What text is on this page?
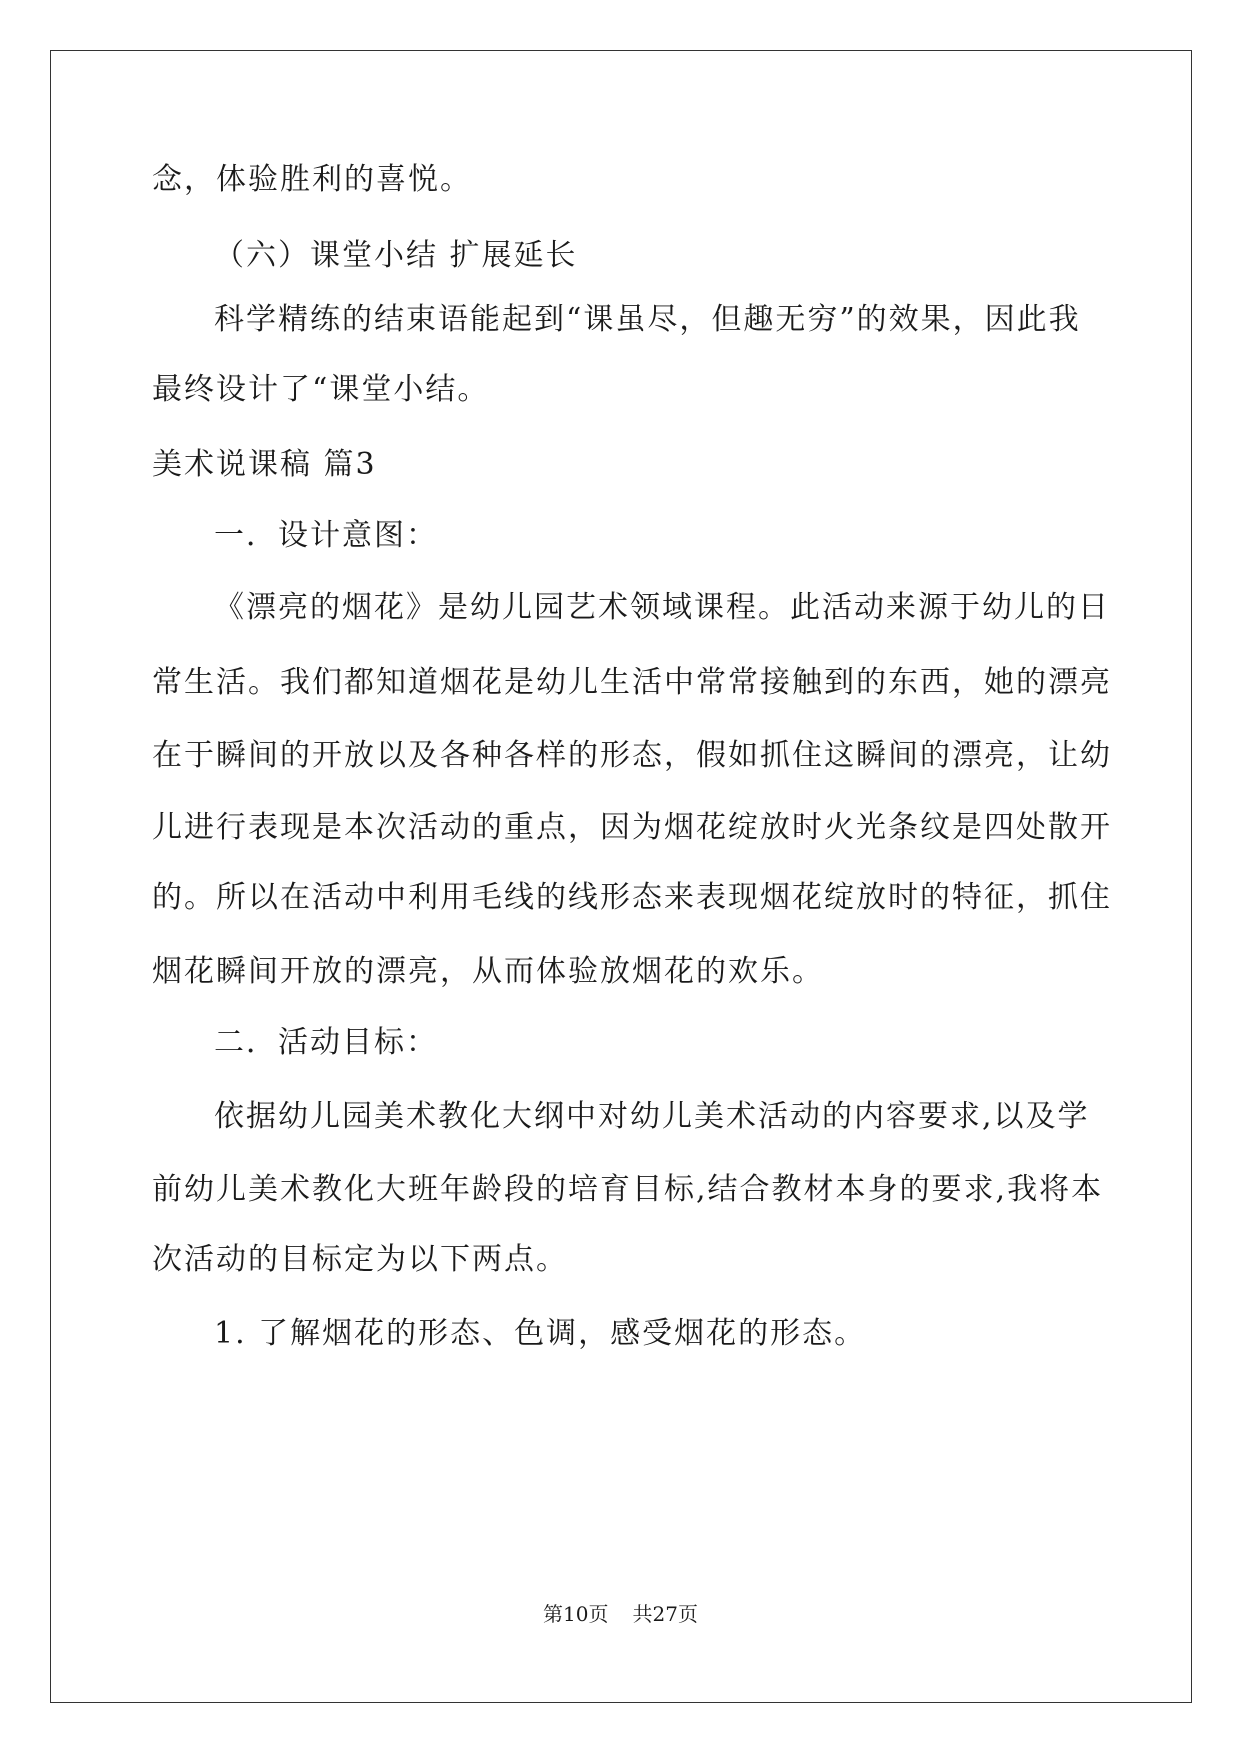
念，体验胜利的喜悦。
（六）课堂小结 扩展延长
科学精练的结束语能起到“课虽尽，但趣无穷”的效果，因此我
最终设计了“课堂小结。
美术说课稿 篇3
一．设计意图：
《漂亮的烟花》是幼儿园艺术领域课程。此活动来源于幼儿的日
常生活。我们都知道烟花是幼儿生活中常常接触到的东西，她的漂亮
在于瞬间的开放以及各种各样的形态，假如抓住这瞬间的漂亮，让幼
儿进行表现是本次活动的重点，因为烟花绽放时火光条纹是四处散开
的。所以在活动中利用毛线的线形态来表现烟花绽放时的特征，抓住
烟花瞬间开放的漂亮，从而体验放烟花的欢乐。
二．活动目标：
依据幼儿园美术教化大纲中对幼儿美术活动的内容要求,以及学
前幼儿美术教化大班年龄段的培育目标,结合教材本身的要求,我将本
次活动的目标定为以下两点。
1. 了解烟花的形态、色调，感受烟花的形态。
第10页 共27页
